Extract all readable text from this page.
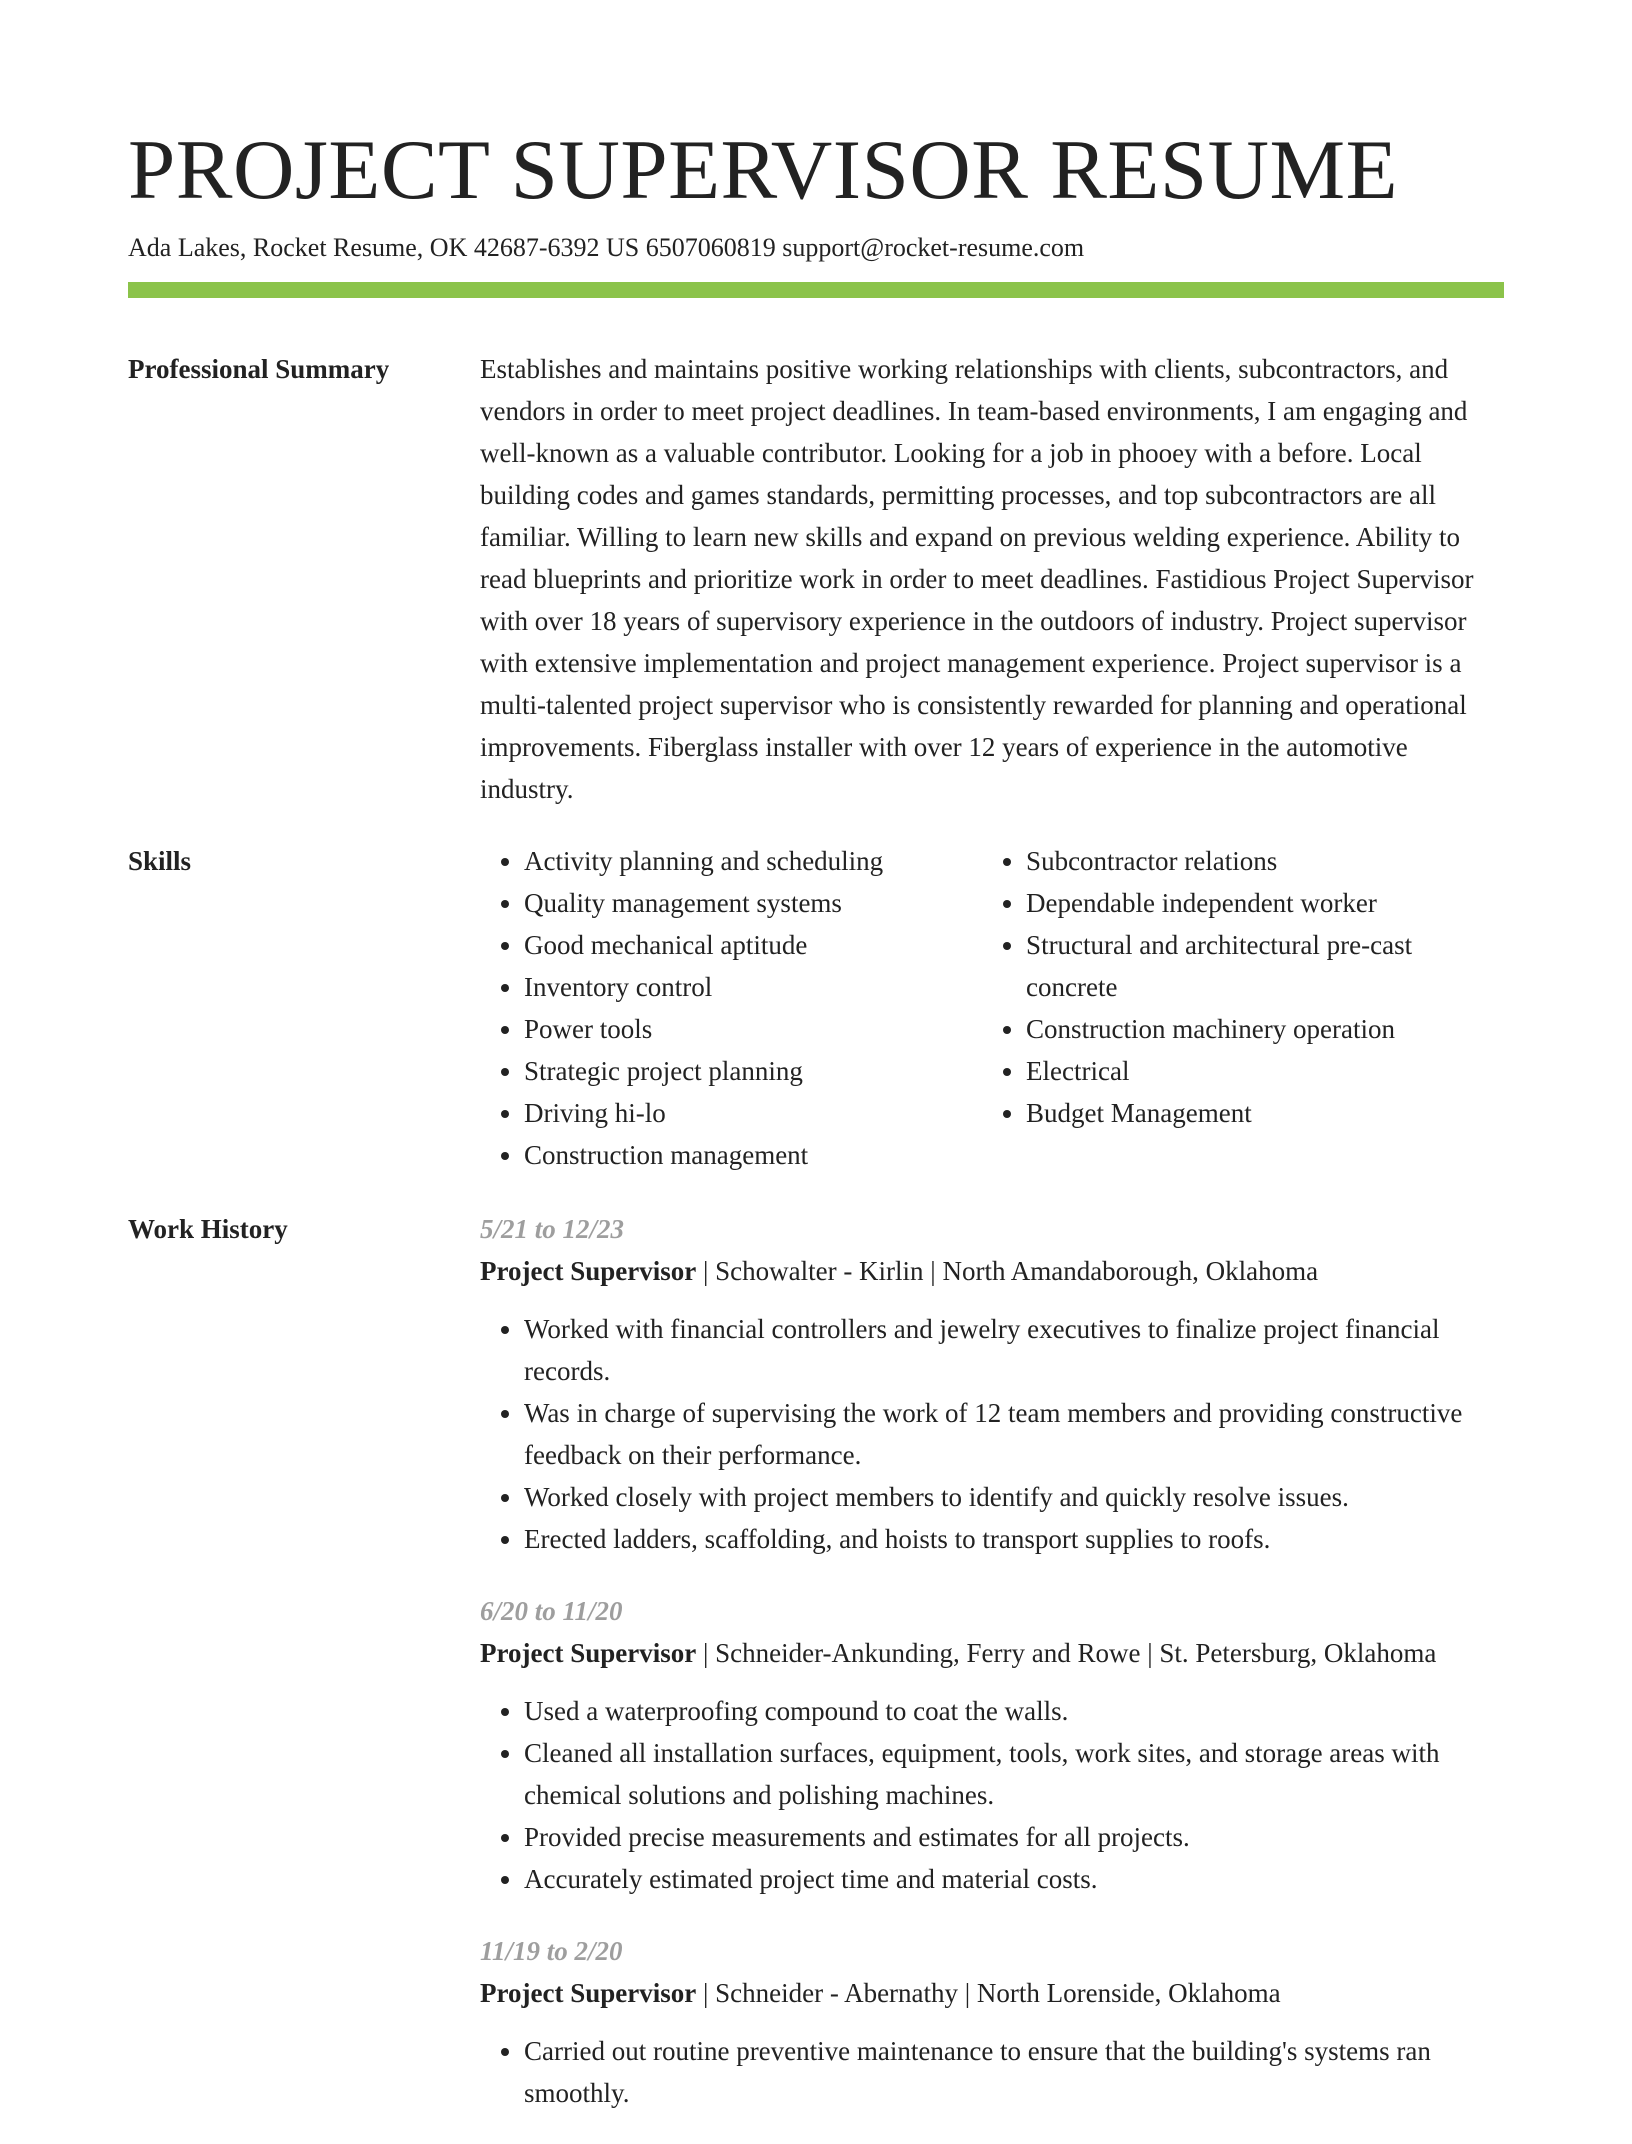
PROJECT SUPERVISOR RESUME
Ada Lakes, Rocket Resume, OK 42687-6392 US 6507060819 support@rocket-resume.com
Professional Summary	Establishes and maintains positive working relationships with clients, subcontractors, and vendors in order to meet project deadlines. In team-based environments, I am engaging and well-known as a valuable contributor. Looking for a job in phooey with a before. Local building codes and games standards, permitting processes, and top subcontractors are all familiar. Willing to learn new skills and expand on previous welding experience. Ability to read blueprints and prioritize work in order to meet deadlines. Fastidious Project Supervisor with over 18 years of supervisory experience in the outdoors of industry. Project supervisor with extensive implementation and project management experience. Project supervisor is a multi-talented project supervisor who is consistently rewarded for planning and operational improvements. Fiberglass installer with over 12 years of experience in the automotive industry.
Skills
•	Activity planning and scheduling
• Quality management systems
• Good mechanical aptitude
• Inventory control
• Power tools
• Strategic project planning
• Driving hi-lo
• Construction management
• Subcontractor relations
• Dependable independent worker
• Structural and architectural pre-cast concrete
• Construction machinery operation
• Electrical
• Budget Management
Work History	5/21 to 12/23
Project Supervisor | Schowalter - Kirlin | North Amandaborough, Oklahoma
• Worked with financial controllers and jewelry executives to finalize project financial records.
• Was in charge of supervising the work of 12 team members and providing constructive feedback on their performance.
• Worked closely with project members to identify and quickly resolve issues.
• Erected ladders, scaffolding, and hoists to transport supplies to roofs.
6/20 to 11/20
Project Supervisor | Schneider-Ankunding, Ferry and Rowe | St. Petersburg, Oklahoma
• Used a waterproofing compound to coat the walls.
• Cleaned all installation surfaces, equipment, tools, work sites, and storage areas with chemical solutions and polishing machines.
• Provided precise measurements and estimates for all projects.
• Accurately estimated project time and material costs.
11/19 to 2/20
Project Supervisor | Schneider - Abernathy | North Lorenside, Oklahoma
• Carried out routine preventive maintenance to ensure that the building's systems ran smoothly.
